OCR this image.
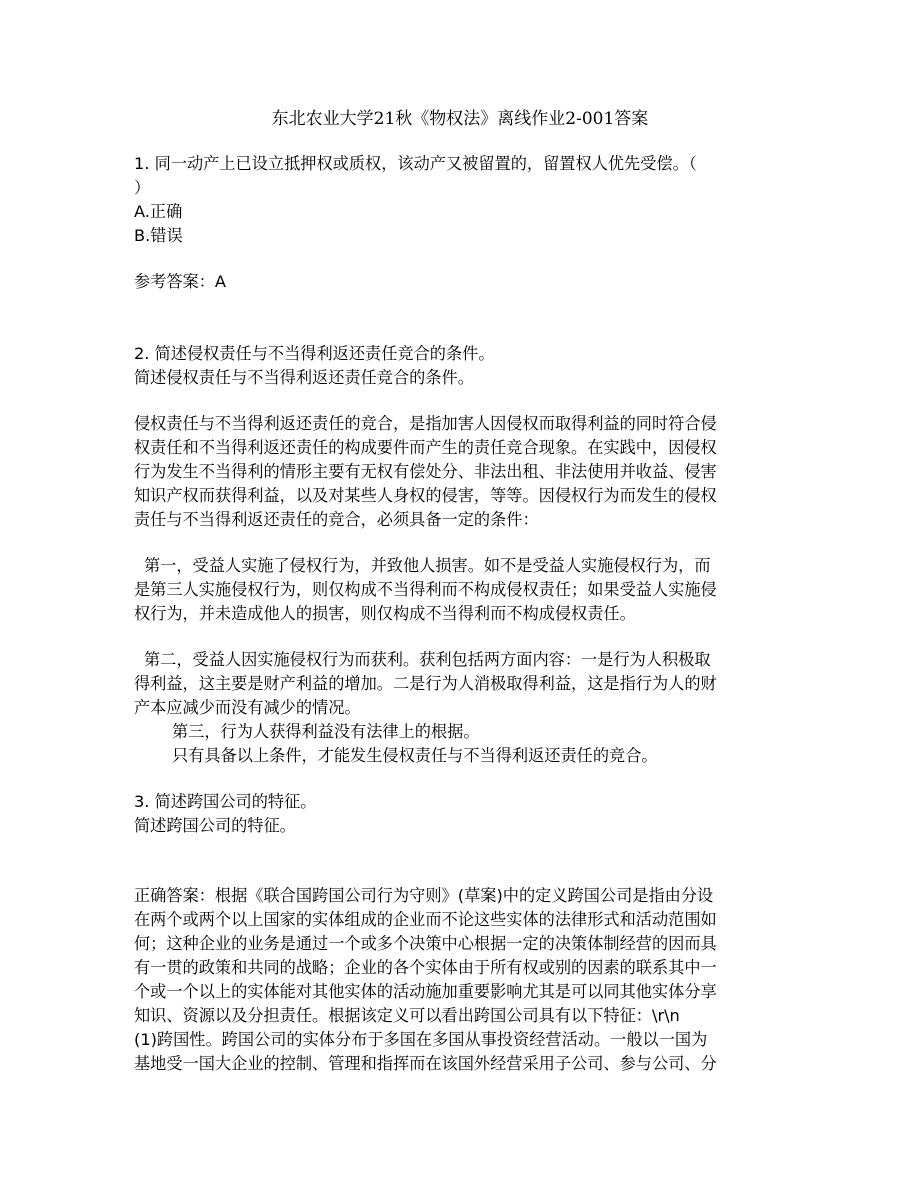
东北农业大学21秋《物权法》离线作业2-001答案
1. 同一动产上已设立抵押权或质权，该动产又被留置的，留置权人优先受偿。（
）
A.正确
B.错误
参考答案：A
2. 简述侵权责任与不当得利返还责任竞合的条件。
简述侵权责任与不当得利返还责任竞合的条件。
侵权责任与不当得利返还责任的竞合，是指加害人因侵权而取得利益的同时符合侵
权责任和不当得利返还责任的构成要件而产生的责任竞合现象。在实践中，因侵权
行为发生不当得利的情形主要有无权有偿处分、非法出租、非法使用并收益、侵害
知识产权而获得利益，以及对某些人身权的侵害，等等。因侵权行为而发生的侵权
责任与不当得利返还责任的竞合，必须具备一定的条件：
第一，受益人实施了侵权行为，并致他人损害。如不是受益人实施侵权行为，而
是第三人实施侵权行为，则仅构成不当得利而不构成侵权责任；如果受益人实施侵
权行为，并未造成他人的损害，则仅构成不当得利而不构成侵权责任。
第二，受益人因实施侵权行为而获利。获利包括两方面内容：一是行为人积极取
得利益，这主要是财产利益的增加。二是行为人消极取得利益，这是指行为人的财
产本应减少而没有减少的情况。
第三，行为人获得利益没有法律上的根据。
只有具备以上条件，才能发生侵权责任与不当得利返还责任的竞合。
3. 简述跨国公司的特征。
简述跨国公司的特征。
正确答案：根据《联合国跨国公司行为守则》(草案)中的定义跨国公司是指由分设
在两个或两个以上国家的实体组成的企业而不论这些实体的法律形式和活动范围如
何；这种企业的业务是通过一个或多个决策中心根据一定的决策体制经营的因而具
有一贯的政策和共同的战略；企业的各个实体由于所有权或别的因素的联系其中一
个或一个以上的实体能对其他实体的活动施加重要影响尤其是可以同其他实体分享
知识、资源以及分担责任。根据该定义可以看出跨国公司具有以下特征：\r\n
(1)跨国性。跨国公司的实体分布于多国在多国从事投资经营活动。一般以一国为
基地受一国大企业的控制、管理和指挥而在该国外经营采用子公司、参与公司、分
